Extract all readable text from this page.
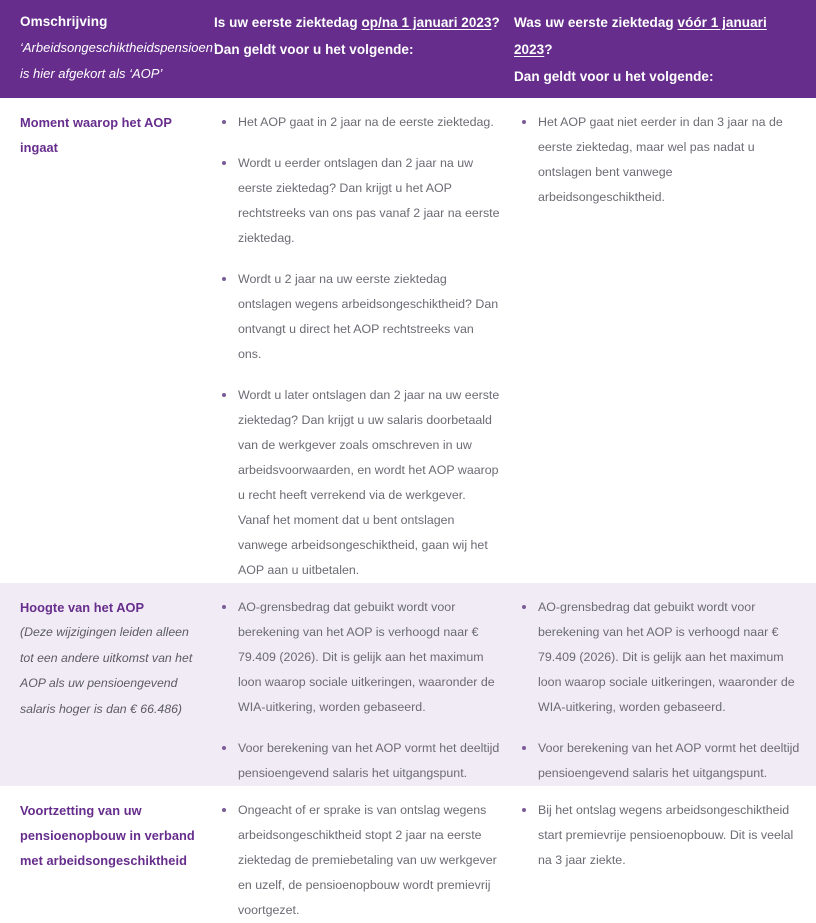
Omschrijving
‘Arbeidsongeschiktheidspensioen’
is hier afgekort als ‘AOP’
Is uw eerste ziektedag op/na 1 januari 2023?
Dan geldt voor u het volgende:
Was uw eerste ziektedag vóór 1 januari 2023?
Dan geldt voor u het volgende:
Moment waarop het AOP
ingaat
Het AOP gaat in 2 jaar na de eerste ziektedag.
Wordt u eerder ontslagen dan 2 jaar na uw eerste ziektedag? Dan krijgt u het AOP rechtstreeks van ons pas vanaf 2 jaar na eerste ziektedag.
Wordt u 2 jaar na uw eerste ziektedag ontslagen wegens arbeidsongeschiktheid? Dan ontvangt u direct het AOP rechtstreeks van ons.
Wordt u later ontslagen dan 2 jaar na uw eerste ziektedag? Dan krijgt u uw salaris doorbetaald van de werkgever zoals omschreven in uw arbeidsvoorwaarden, en wordt het AOP waarop u recht heeft verrekend via de werkgever. Vanaf het moment dat u bent ontslagen vanwege arbeidsongeschiktheid, gaan wij het AOP aan u uitbetalen.
Het AOP gaat niet eerder in dan 3 jaar na de eerste ziektedag, maar wel pas nadat u ontslagen bent vanwege arbeidsongeschiktheid.
Hoogte van het AOP
(Deze wijzigingen leiden alleen tot een andere uitkomst van het AOP als uw pensioengevend salaris hoger is dan € 66.486)
AO-grensbedrag dat gebuikt wordt voor berekening van het AOP is verhoogd naar € 79.409 (2026). Dit is gelijk aan het maximum loon waarop sociale uitkeringen, waaronder de WIA-uitkering, worden gebaseerd.
Voor berekening van het AOP vormt het deeltijd pensioengevend salaris het uitgangspunt.
AO-grensbedrag dat gebuikt wordt voor berekening van het AOP is verhoogd naar € 79.409 (2026). Dit is gelijk aan het maximum loon waarop sociale uitkeringen, waaronder de WIA-uitkering, worden gebaseerd.
Voor berekening van het AOP vormt het deeltijd pensioengevend salaris het uitgangspunt.
Voortzetting van uw
pensioenopbouw in verband met arbeidsongeschiktheid
Ongeacht of er sprake is van ontslag wegens arbeidsongeschiktheid stopt 2 jaar na eerste ziektedag de premiebetaling van uw werkgever en uzelf, de pensioenopbouw wordt premievrij voortgezet.
Bij het ontslag wegens arbeidsongeschiktheid start premievrije pensioenopbouw. Dit is veelal na 3 jaar ziekte.
